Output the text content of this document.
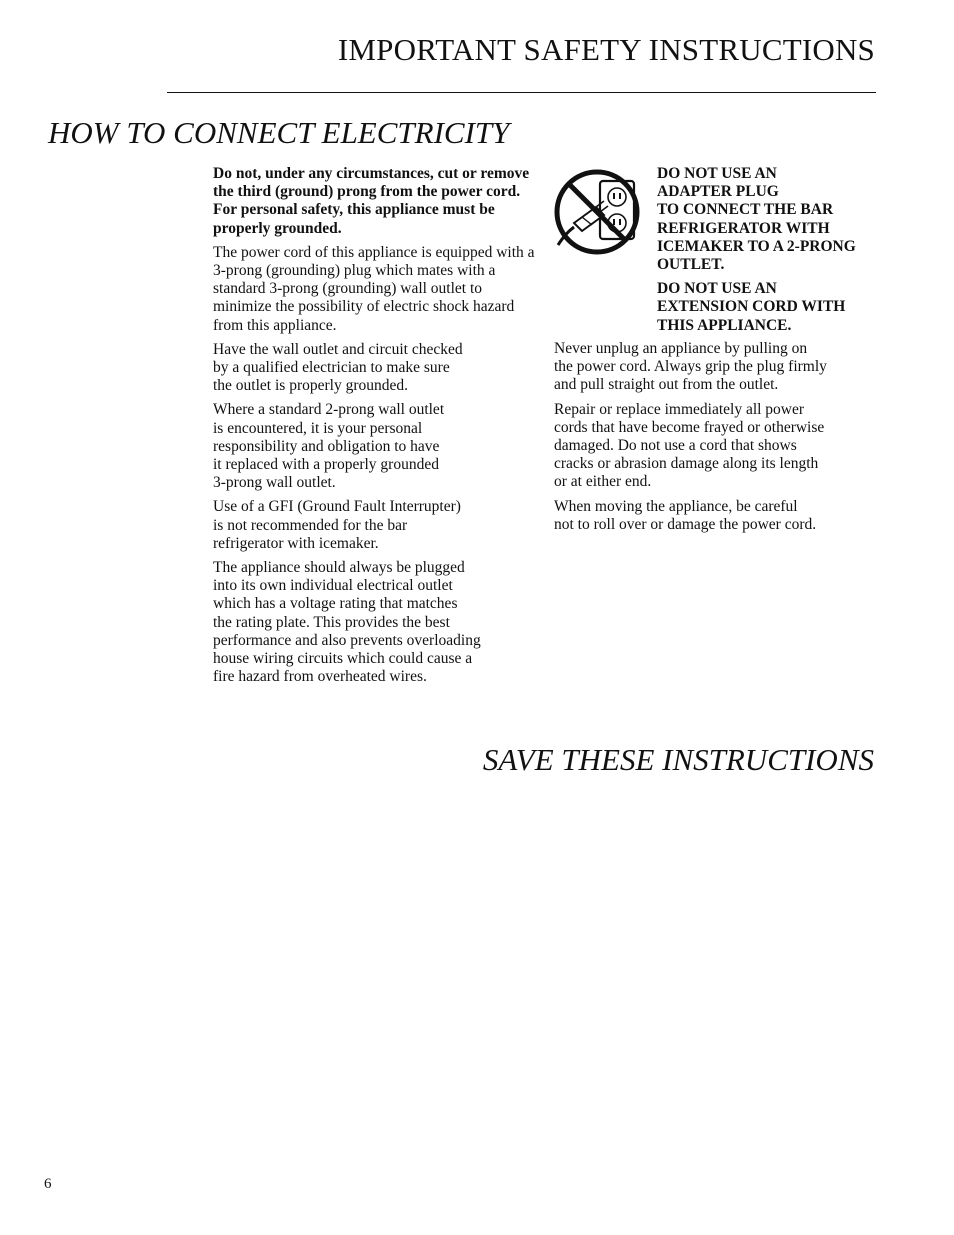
IMPORTANT SAFETY INSTRUCTIONS
HOW TO CONNECT ELECTRICITY

Do not, under any circumstances, cut or remove the third (ground) prong from the power cord. For personal safety, this appliance must be properly grounded.

The power cord of this appliance is equipped with a 3-prong (grounding) plug which mates with a standard 3-prong (grounding) wall outlet to minimize the possibility of electric shock hazard from this appliance.

Have the wall outlet and circuit checked
by a qualified electrician to make sure
the outlet is properly grounded.

Where a standard 2-prong wall outlet
is encountered, it is your personal
responsibility and obligation to have
it replaced with a properly grounded
3-prong wall outlet.

Use of a GFI (Ground Fault Interrupter)
is not recommended for the bar
refrigerator with icemaker.

The appliance should always be plugged
into its own individual electrical outlet
which has a voltage rating that matches
the rating plate. This provides the best
performance and also prevents overloading
house wiring circuits which could cause a
fire hazard from overheated wires.

DO NOT USE AN
ADAPTER PLUG
TO CONNECT THE BAR
REFRIGERATOR WITH
ICEMAKER TO A 2-PRONG
OUTLET.

DO NOT USE AN
EXTENSION CORD WITH
THIS APPLIANCE.

Never unplug an appliance by pulling on
the power cord. Always grip the plug firmly
and pull straight out from the outlet.

Repair or replace immediately all power
cords that have become frayed or otherwise
damaged. Do not use a cord that shows
cracks or abrasion damage along its length
or at either end.

When moving the appliance, be careful
not to roll over or damage the power cord.

SAVE THESE INSTRUCTIONS
6
